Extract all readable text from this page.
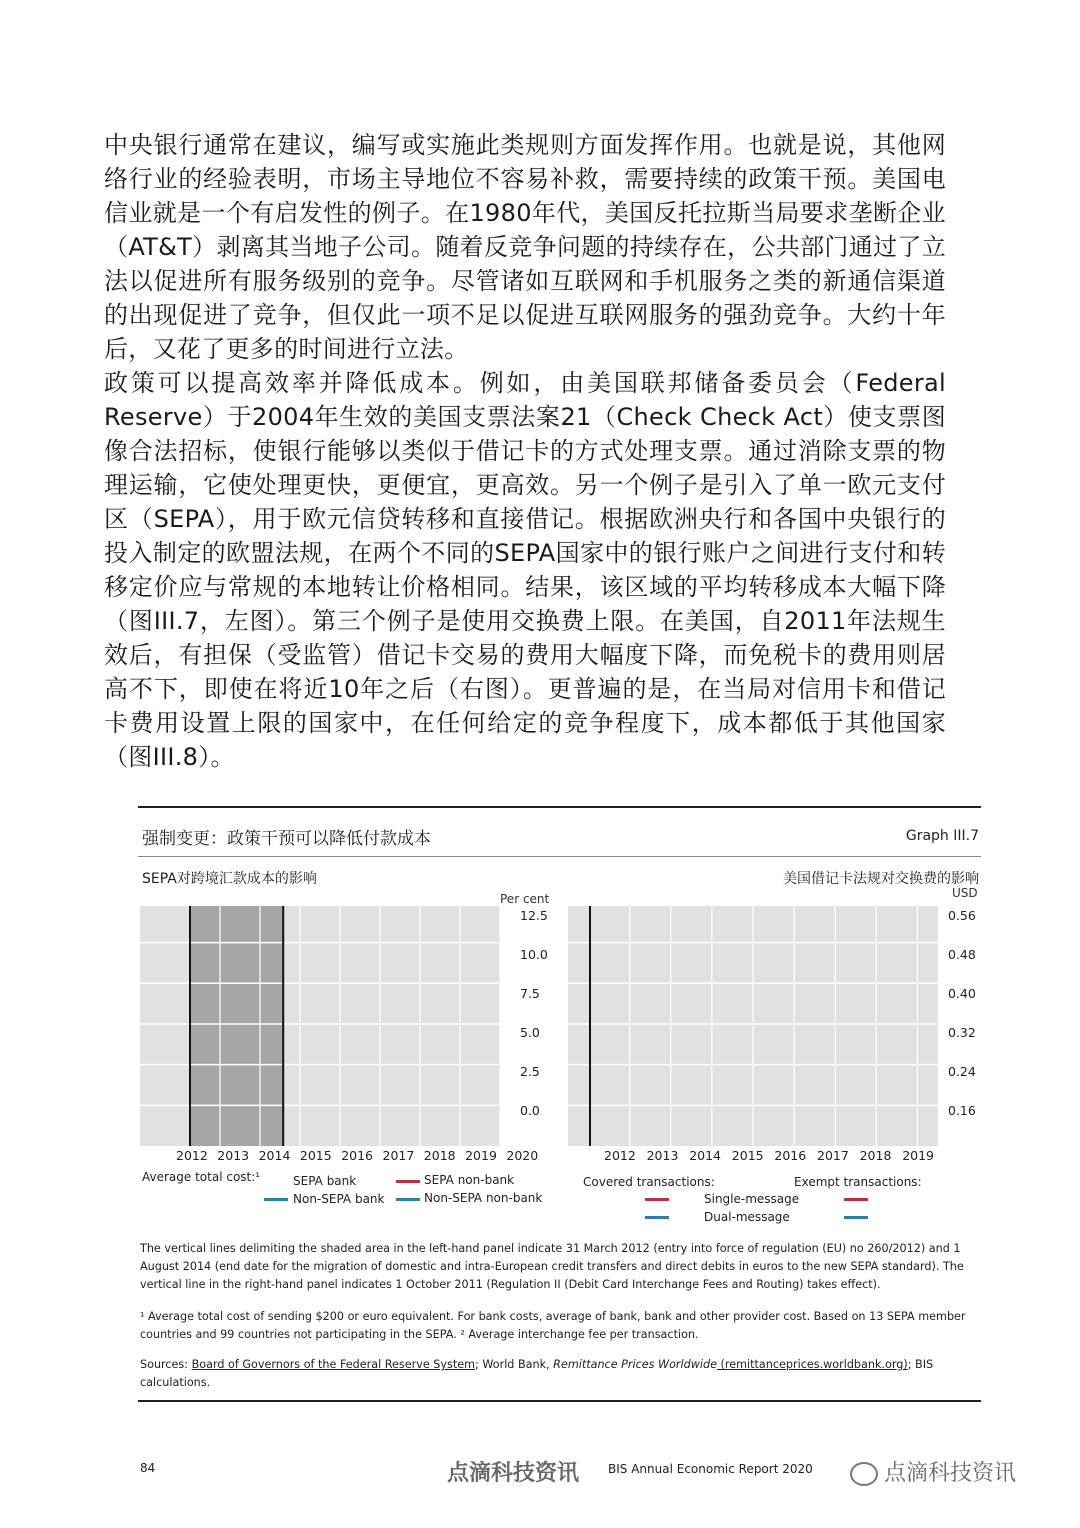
中央银行通常在建议，编写或实施此类规则方面发挥作用。也就是说，其他网络行业的经验表明，市场主导地位不容易补救，需要持续的政策干预。美国电信业就是一个有启发性的例子。在1980年代，美国反托拉斯当局要求垄断企业（AT&T）剥离其当地子公司。随着反竞争问题的持续存在，公共部门通过了立法以促进所有服务级别的竞争。尽管诸如互联网和手机服务之类的新通信渠道的出现促进了竞争，但仅此一项不足以促进互联网服务的强劲竞争。大约十年后，又花了更多的时间进行立法。

政策可以提高效率并降低成本。例如，由美国联邦储备委员会（Federal Reserve）于2004年生效的美国支票法案21（Check Check Act）使支票图像合法招标，使银行能够以类似于借记卡的方式处理支票。通过消除支票的物理运输，它使处理更快，更便宜，更高效。另一个例子是引入了单一欧元支付区（SEPA），用于欧元信贷转移和直接借记。根据欧洲央行和各国中央银行的投入制定的欧盟法规，在两个不同的SEPA国家中的银行账户之间进行支付和转移定价应与常规的本地转让价格相同。结果，该区域的平均转移成本大幅下降（图III.7，左图）。第三个例子是使用交换费上限。在美国，自2011年法规生效后，有担保（受监管）借记卡交易的费用大幅度下降，而免税卡的费用则居高不下，即使在将近10年之后（右图）。更普遍的是，在当局对信用卡和借记卡费用设置上限的国家中，在任何给定的竞争程度下，成本都低于其他国家（图III.8）。

强制变更：政策干预可以降低付款成本	Graph III.7
SEPA对跨境汇款成本的影响	美国借记卡法规对交换费的影响
Per cent	USD
Average total cost:¹	SEPA bank	SEPA non-bank
Non-SEPA bank	Non-SEPA non-bank
Covered transactions:	Exempt transactions:
Single-message
Dual-message
The vertical lines delimiting the shaded area in the left-hand panel indicate 31 March 2012 (entry into force of regulation (EU) no 260/2012) and 1 August 2014 (end date for the migration of domestic and intra-European credit transfers and direct debits in euros to the new SEPA standard). The vertical line in the right-hand panel indicates 1 October 2011 (Regulation II (Debit Card Interchange Fees and Routing) takes effect).
¹ Average total cost of sending $200 or euro equivalent. For bank costs, average of bank, bank and other provider cost. Based on 13 SEPA member countries and 99 countries not participating in the SEPA. ² Average interchange fee per transaction.
Sources: Board of Governors of the Federal Reserve System; World Bank, Remittance Prices Worldwide (remittanceprices.worldbank.org); BIS calculations.
12.5
10.0
7.5
5.0
2.5
0.0
2012 2013 2014 2015 2016 2017 2018 2019 2020
0.56
0.48
0.40
0.32
0.24
0.16
2012 2013 2014 2015 2016 2017 2018 2019
84	点滴科技资讯 BIS Annual Economic Report 2020	点滴科技资讯
